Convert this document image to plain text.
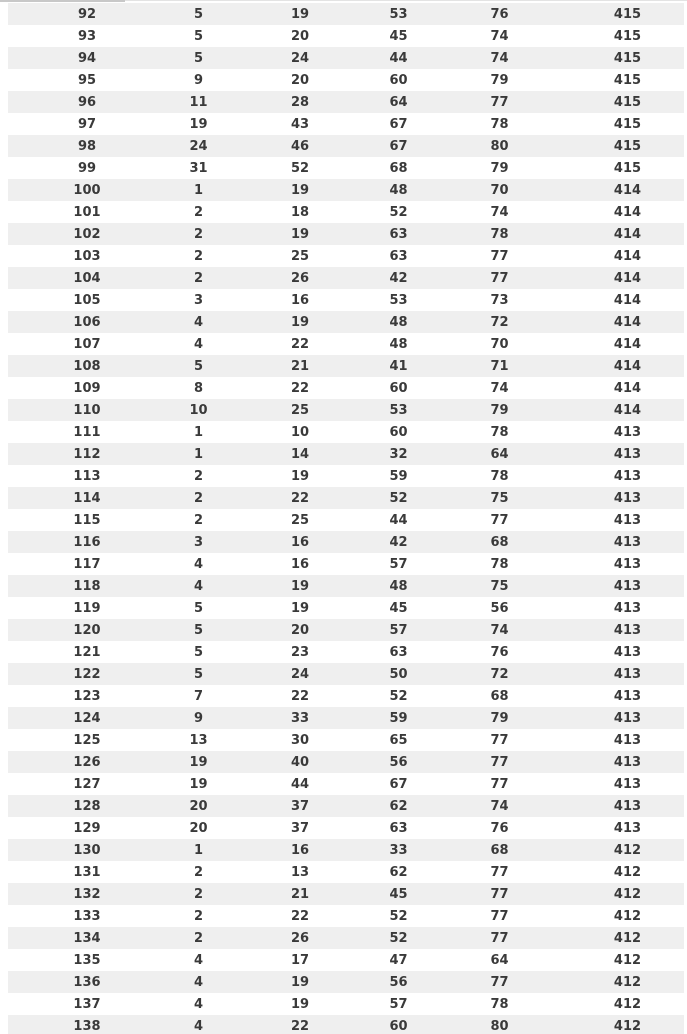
92	5	19	53	76	415
93	5	20	45	74	415
94	5	24	44	74	415
95	9	20	60	79	415
96	11	28	64	77	415
97	19	43	67	78	415
98	24	46	67	80	415
99	31	52	68	79	415
100	1	19	48	70	414
101	2	18	52	74	414
102	2	19	63	78	414
103	2	25	63	77	414
104	2	26	42	77	414
105	3	16	53	73	414
106	4	19	48	72	414
107	4	22	48	70	414
108	5	21	41	71	414
109	8	22	60	74	414
110	10	25	53	79	414
111	1	10	60	78	413
112	1	14	32	64	413
113	2	19	59	78	413
114	2	22	52	75	413
115	2	25	44	77	413
116	3	16	42	68	413
117	4	16	57	78	413
118	4	19	48	75	413
119	5	19	45	56	413
120	5	20	57	74	413
121	5	23	63	76	413
122	5	24	50	72	413
123	7	22	52	68	413
124	9	33	59	79	413
125	13	30	65	77	413
126	19	40	56	77	413
127	19	44	67	77	413
128	20	37	62	74	413
129	20	37	63	76	413
130	1	16	33	68	412
131	2	13	62	77	412
132	2	21	45	77	412
133	2	22	52	77	412
134	2	26	52	77	412
135	4	17	47	64	412
136	4	19	56	77	412
137	4	19	57	78	412
138	4	22	60	80	412
